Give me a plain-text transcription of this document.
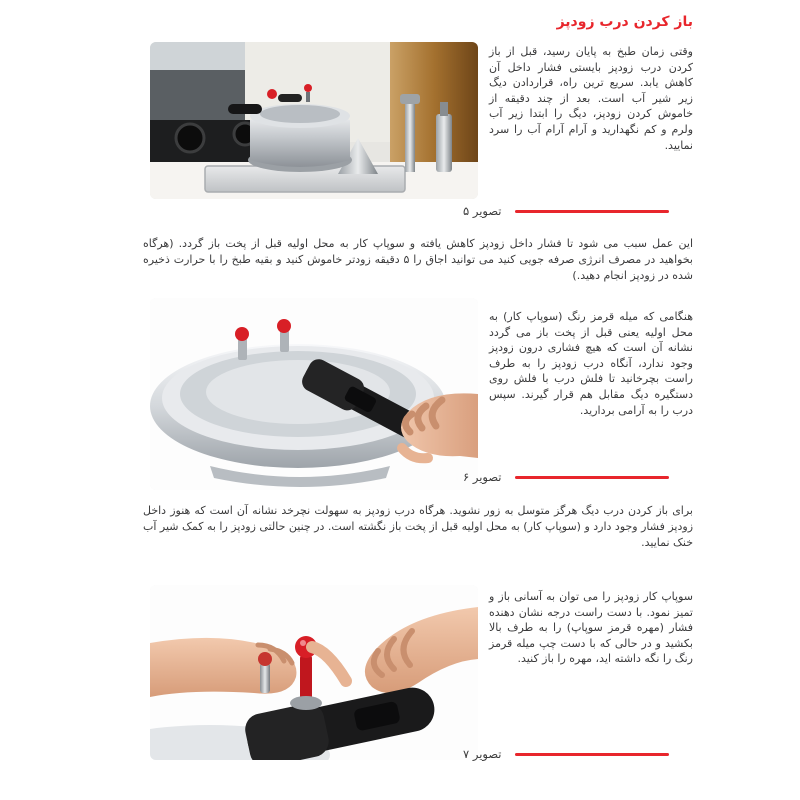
باز کردن درب زودپز
وقتی زمان طبخ به پایان رسید، قبل از باز کردن درب زودپز بایستی فشار داخل آن کاهش یابد. سریع ترین راه، قراردادن دیگ زیر شیر آب است. بعد از چند دقیقه از خاموش کردن زودپز، دیگ را ابتدا زیر آب ولرم و کم نگهدارید و آرام آرام آب را سرد نمایید.
تصویر ۵
این عمل سبب می شود تا فشار داخل زودپز کاهش یافته و سوپاپ کار به محل اولیه قبل از پخت باز گردد. (هرگاه بخواهید در مصرف انرژی صرفه جویی کنید می توانید اجاق را ۵ دقیقه زودتر خاموش کنید و بقیه طبخ را با حرارت ذخیره شده در زودپز انجام دهید.)
هنگامی که میله قرمز رنگ (سوپاپ کار) به محل اولیه یعنی قبل از پخت باز می گردد نشانه آن است که هیچ فشاری درون زودپز وجود ندارد، آنگاه درب زودپز را به طرف راست بچرخانید تا فلش درب با فلش روی دستگیره دیگ مقابل هم قرار گیرند. سپس درب را به آرامی بردارید.
تصویر ۶
برای باز کردن درب دیگ هرگز متوسل به زور نشوید. هرگاه درب زودپز به سهولت نچرخد نشانه آن است که هنوز داخل زودپز فشار وجود دارد و (سوپاپ کار) به محل اولیه قبل از پخت باز نگشته است. در چنین حالتی زودپز را به کمک شیر آب خنک نمایید.
سوپاپ کار زودپز را می توان به آسانی باز و تمیز نمود. با دست راست درجه نشان دهنده فشار (مهره قرمز سوپاپ) را به طرف بالا بکشید و در حالی که با دست چپ میله قرمز رنگ را نگه داشته اید، مهره را باز کنید.
تصویر ۷
